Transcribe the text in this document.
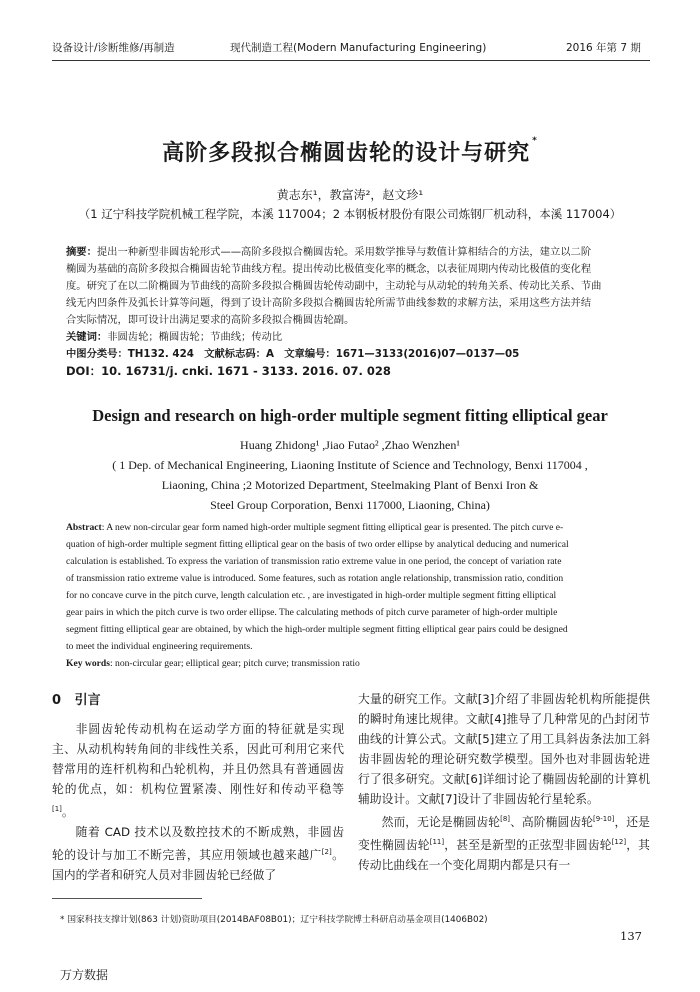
设备设计/诊断维修/再制造	现代制造工程(Modern Manufacturing Engineering)	2016 年第 7 期
高阶多段拟合椭圆齿轮的设计与研究 *
黄志东¹，教富涛²，赵文珍¹
（1 辽宁科技学院机械工程学院，本溪 117004；2 本钢板材股份有限公司炼钢厂机动科，本溪 117004）
摘要：提出一种新型非圆齿轮形式——高阶多段拟合椭圆齿轮。采用数学推导与数值计算相结合的方法，建立以二阶
椭圆为基础的高阶多段拟合椭圆齿轮节曲线方程。提出传动比极值变化率的概念，以表征周期内传动比极值的变化程
度。研究了在以二阶椭圆为节曲线的高阶多段拟合椭圆齿轮传动副中，主动轮与从动轮的转角关系、传动比关系、节曲
线无内凹条件及弧长计算等问题，得到了设计高阶多段拟合椭圆齿轮所需节曲线参数的求解方法，采用这些方法并结
合实际情况，即可设计出满足要求的高阶多段拟合椭圆齿轮副。
关键词：非圆齿轮；椭圆齿轮；节曲线；传动比
中图分类号：TH132. 424　文献标志码：A　文章编号：1671—3133(2016)07—0137—05
DOI：10. 16731/j. cnki. 1671 - 3133. 2016. 07. 028
Design and research on high-order multiple segment fitting elliptical gear
Huang Zhidong¹ ,Jiao Futao² ,Zhao Wenzhen¹
( 1 Dep. of Mechanical Engineering, Liaoning Institute of Science and Technology, Benxi 117004 ,
Liaoning, China ;2 Motorized Department, Steelmaking Plant of Benxi Iron &
Steel Group Corporation, Benxi 117000, Liaoning, China)
Abstract: A new non-circular gear form named high-order multiple segment fitting elliptical gear is presented. The pitch curve e-
quation of high-order multiple segment fitting elliptical gear on the basis of two order ellipse by analytical deducing and numerical
calculation is established. To express the variation of transmission ratio extreme value in one period, the concept of variation rate
of transmission ratio extreme value is introduced. Some features, such as rotation angle relationship, transmission ratio, condition
for no concave curve in the pitch curve, length calculation etc. , are investigated in high-order multiple segment fitting elliptical
gear pairs in which the pitch curve is two order ellipse. The calculating methods of pitch curve parameter of high-order multiple
segment fitting elliptical gear are obtained, by which the high-order multiple segment fitting elliptical gear pairs could be designed
to meet the individual engineering requirements.
Key words: non-circular gear; elliptical gear; pitch curve; transmission ratio
0 引言

非圆齿轮传动机构在运动学方面的特征就是实现主、从动机构转角间的非线性关系，因此可利用它来代替常用的连杆机构和凸轮机构，并且仍然具有普通圆齿轮的优点，如：机构位置紧凑、刚性好和传动平稳等[1]。

随着 CAD 技术以及数控技术的不断成熟，非圆齿轮的设计与加工不断完善，其应用领域也越来越广[2]。国内的学者和研究人员对非圆齿轮已经做了

大量的研究工作。文献[3]介绍了非圆齿轮机构所能提供的瞬时角速比规律。文献[4]推导了几种常见的凸封闭节曲线的计算公式。文献[5]建立了用工具斜齿条法加工斜齿非圆齿轮的理论研究数学模型。国外也对非圆齿轮进行了很多研究。文献[6]详细讨论了椭圆齿轮副的计算机辅助设计。文献[7]设计了非圆齿轮行星轮系。

然而，无论是椭圆齿轮[8]、高阶椭圆齿轮[9-10]，还是变性椭圆齿轮[11]，甚至是新型的正弦型非圆齿轮[12]，其传动比曲线在一个变化周期内都是只有一

* 国家科技支撑计划(863 计划)资助项目(2014BAF08B01)；辽宁科技学院博士科研启动基金项目(1406B02)
137
万方数据
